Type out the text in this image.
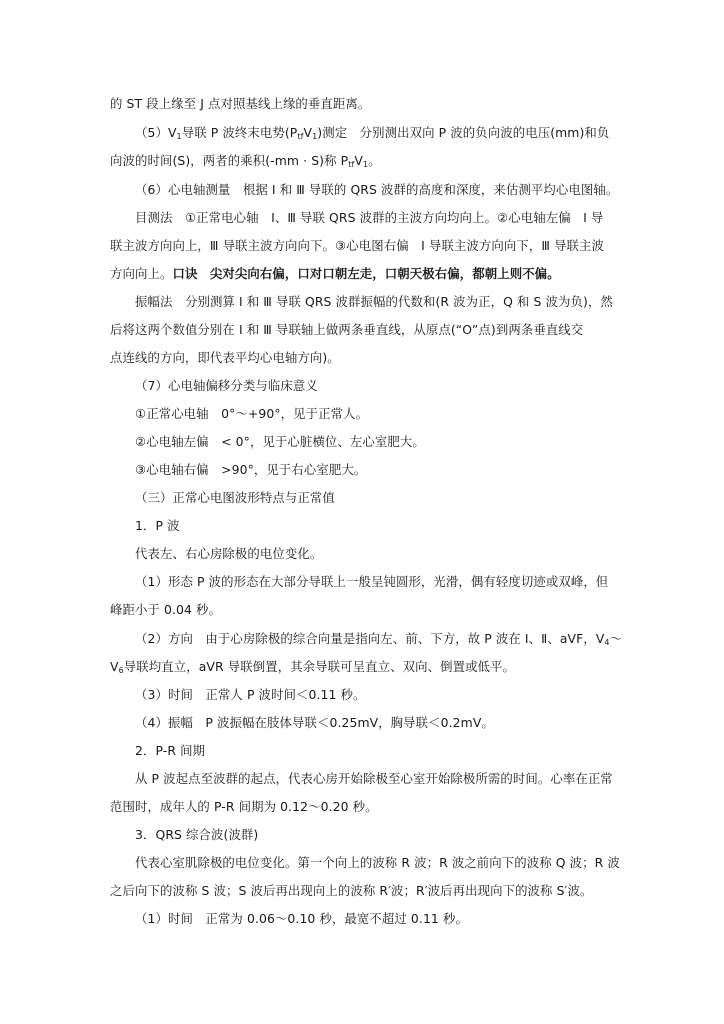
的 ST 段上缘至 J 点对照基线上缘的垂直距离。
$(5)V_1$导联 P 波终末电势$(P_{tf}V_1)$测定　分别测出双向 P 波的负向波的电压(mm)和负
向波的时间(S)，两者的乘积(-mm · S)称 $P_{tf}V_1$。
（6）心电轴测量　根据 Ⅰ 和 Ⅲ 导联的 QRS 波群的高度和深度，来估测平均心电图轴。
目测法　①正常电心轴　Ⅰ、Ⅲ 导联 QRS 波群的主波方向均向上。②心电轴左偏　Ⅰ 导
联主波方向向上，Ⅲ 导联主波方向向下。③心电图右偏　Ⅰ 导联主波方向向下，Ⅲ 导联主波
方向向上。口诀　尖对尖向右偏，口对口朝左走，口朝天极右偏，都朝上则不偏。
振幅法　分别测算 Ⅰ 和 Ⅲ 导联 QRS 波群振幅的代数和(R 波为正，Q 和 S 波为负)，然
后将这两个数值分别在 Ⅰ 和 Ⅲ 导联轴上做两条垂直线，从原点(“O”点)到两条垂直线交
点连线的方向，即代表平均心电轴方向)。
（7）心电轴偏移分类与临床意义
①正常心电轴　0°～+90°，见于正常人。
②心电轴左偏　< 0°，见于心脏横位、左心室肥大。
③心电轴右偏　>90°，见于右心室肥大。
（三）正常心电图波形特点与正常值
1．P 波
代表左、右心房除极的电位变化。
（1）形态 P 波的形态在大部分导联上一般呈钝圆形，光滑，偶有轻度切迹或双峰，但
峰距小于 0.04 秒。
（2）方向　由于心房除极的综合向量是指向左、前、下方，故 P 波在 Ⅰ、Ⅱ、aVF，$V_4\sim$
$V_6$导联均直立，aVR 导联倒置，其余导联可呈直立、双向、倒置或低平。
（3）时间　正常人 P 波时间＜0.11 秒。
（4）振幅　P 波振幅在肢体导联＜0.25mV，胸导联＜0.2mV。
2．P-R 间期
从 P 波起点至波群的起点，代表心房开始除极至心室开始除极所需的时间。心率在正常
范围时，成年人的 P-R 间期为 0.12～0.20 秒。
3．QRS 综合波(波群)
代表心室肌除极的电位变化。第一个向上的波称 R 波；R 波之前向下的波称 Q 波；R 波
之后向下的波称 S 波；S 波后再出现向上的波称 R′波；R′波后再出现向下的波称 S′波。
（1）时间　正常为 0.06～0.10 秒，最宽不超过 0.11 秒。
